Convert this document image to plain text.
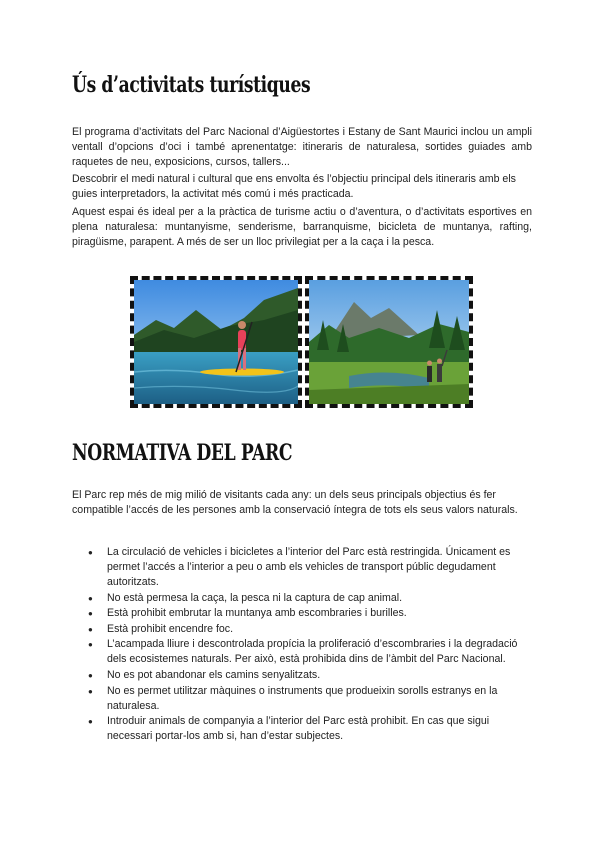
Ús d’activitats turístiques

El programa d’activitats del Parc Nacional d’Aigüestortes i Estany de Sant Maurici inclou un ampli ventall d’opcions d’oci i també aprenentatge: itineraris de naturalesa, sortides guiades amb raquetes de neu, exposicions, cursos, tallers...

Descobrir el medi natural i cultural que ens envolta és l’objectiu principal dels itineraris amb els guies interpretadors, la activitat més comú i més practicada.

Aquest espai és ideal per a la pràctica de turisme actiu o d’aventura, o d’activitats esportives en plena naturalesa: muntanyisme, senderisme, barranquisme, bicicleta de muntanya, rafting, piragüisme, parapent. A més de ser un lloc privilegiat per a la caça i la pesca.

NORMATIVA DEL PARC

El Parc rep més de mig milió de visitants cada any: un dels seus principals objectius és fer compatible l’accés de les persones amb la conservació íntegra de tots els seus valors naturals.

● La circulació de vehicles i bicicletes a l’interior del Parc està restringida. Únicament es permet l’accés a l’interior a peu o amb els vehicles de transport públic degudament autoritzats.
● No està permesa la caça, la pesca ni la captura de cap animal.
● Està prohibit embrutar la muntanya amb escombraries i burilles.
● Està prohibit encendre foc.
● L’acampada lliure i descontrolada propícia la proliferació d’escombraries i la degradació dels ecosistemes naturals. Per això, està prohibida dins de l’àmbit del Parc Nacional.
● No es pot abandonar els camins senyalitzats.
● No es permet utilitzar màquines o instruments que produeixin sorolls estranys en la naturalesa.
● Introduir animals de companyia a l’interior del Parc està prohibit. En cas que sigui necessari portar-los amb si, han d’estar subjectes.
